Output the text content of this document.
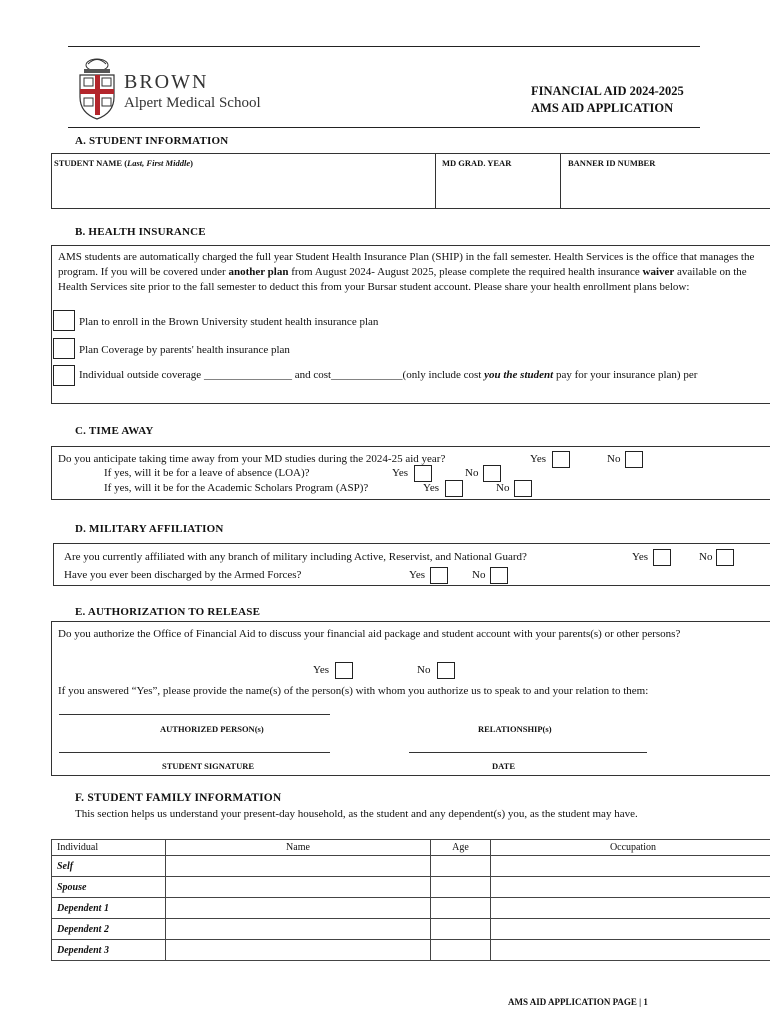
BROWN
Alpert Medical School
FINANCIAL AID 2024-2025
AMS AID APPLICATION
A. STUDENT INFORMATION
STUDENT NAME (Last, First Middle)	MD GRAD. YEAR	BANNER ID NUMBER
B. HEALTH INSURANCE
AMS students are automatically charged the full year Student Health Insurance Plan (SHIP) in the fall semester. Health Services is the office that manages the program. If you will be covered under another plan from August 2024- August 2025, please complete the required health insurance waiver available on the Health Services site prior to the fall semester to deduct this from your Bursar student account. Please share your health enrollment plans below:
Plan to enroll in the Brown University student health insurance plan
Plan Coverage by parents' health insurance plan
Individual outside coverage ________________ and cost_____________(only include cost you the student pay for your insurance plan) per
C. TIME AWAY
Do you anticipate taking time away from your MD studies during the 2024-25 aid year?	Yes	No
If yes, will it be for a leave of absence (LOA)?	Yes	No
If yes, will it be for the Academic Scholars Program (ASP)?	Yes	No
D. MILITARY AFFILIATION
Are you currently affiliated with any branch of military including Active, Reservist, and National Guard?	Yes	No
Have you ever been discharged by the Armed Forces?	Yes	No
E. AUTHORIZATION TO RELEASE
Do you authorize the Office of Financial Aid to discuss your financial aid package and student account with your parents(s) or other persons?
Yes	No
If you answered “Yes”, please provide the name(s) of the person(s) with whom you authorize us to speak to and your relation to them:
AUTHORIZED PERSON(s)	RELATIONSHIP(s)
STUDENT SIGNATURE	DATE
F. STUDENT FAMILY INFORMATION
This section helps us understand your present-day household, as the student and any dependent(s) you, as the student may have.
Individual	Name	Age	Occupation
Self			
Spouse			
Dependent 1			
Dependent 2			
Dependent 3			
AMS AID APPLICATION PAGE | 1
